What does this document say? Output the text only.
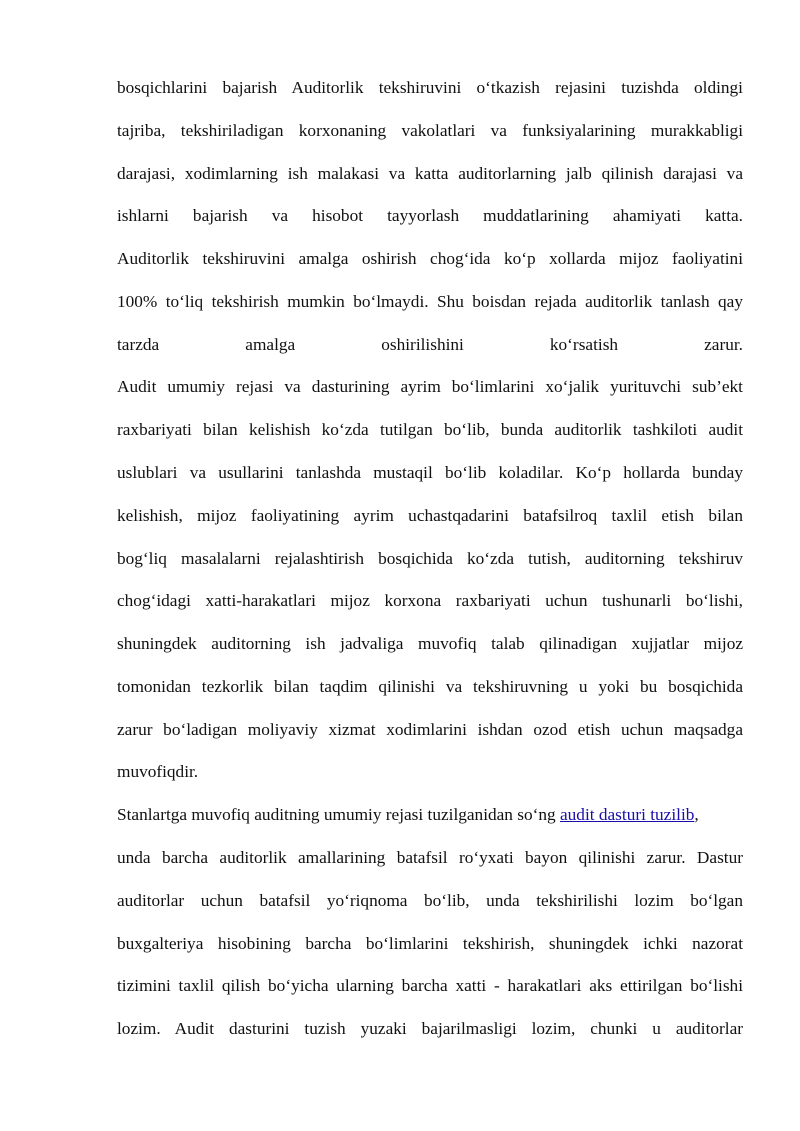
bosqichlarini bajarish Auditorlik tekshiruvini o‘tkazish rejasini tuzishda oldingi
tajriba, tekshiriladigan korxonaning vakolatlari va funksiyalarining murakkabligi
darajasi, xodimlarning ish malakasi va katta auditorlarning jalb qilinish darajasi va
ishlarni bajarish va hisobot tayyorlash muddatlarining ahamiyati katta.
Auditorlik tekshiruvini amalga oshirish chog‘ida ko‘p xollarda mijoz faoliyatini
100% to‘liq tekshirish mumkin bo‘lmaydi. Shu boisdan rejada auditorlik tanlash qay
tarzda amalga oshirilishini ko‘rsatish zarur.
Audit umumiy rejasi va dasturining ayrim bo‘limlarini xo‘jalik yurituvchi sub’ekt
raxbariyati bilan kelishish ko‘zda tutilgan bo‘lib, bunda auditorlik tashkiloti audit
uslublari va usullarini tanlashda mustaqil bo‘lib koladilar. Ko‘p hollarda bunday
kelishish, mijoz faoliyatining ayrim uchastqadarini batafsilroq taxlil etish bilan
bog‘liq masalalarni rejalashtirish bosqichida ko‘zda tutish, auditorning tekshiruv
chog‘idagi xatti-harakatlari mijoz korxona raxbariyati uchun tushunarli bo‘lishi,
shuningdek auditorning ish jadvaliga muvofiq talab qilinadigan xujjatlar mijoz
tomonidan tezkorlik bilan taqdim qilinishi va tekshiruvning u yoki bu bosqichida
zarur bo‘ladigan moliyaviy xizmat xodimlarini ishdan ozod etish uchun maqsadga
muvofiqdir.
Stanlartga muvofiq auditning umumiy rejasi tuzilganidan so‘ng audit dasturi tuzilib,
unda barcha auditorlik amallarining batafsil ro‘yxati bayon qilinishi zarur. Dastur
auditorlar uchun batafsil yo‘riqnoma bo‘lib, unda tekshirilishi lozim bo‘lgan
buxgalteriya hisobining barcha bo‘limlarini tekshirish, shuningdek ichki nazorat
tizimini taxlil qilish bo‘yicha ularning barcha xatti - harakatlari aks ettirilgan bo‘lishi
lozim. Audit dasturini tuzish yuzaki bajarilmasligi lozim, chunki u auditorlar
